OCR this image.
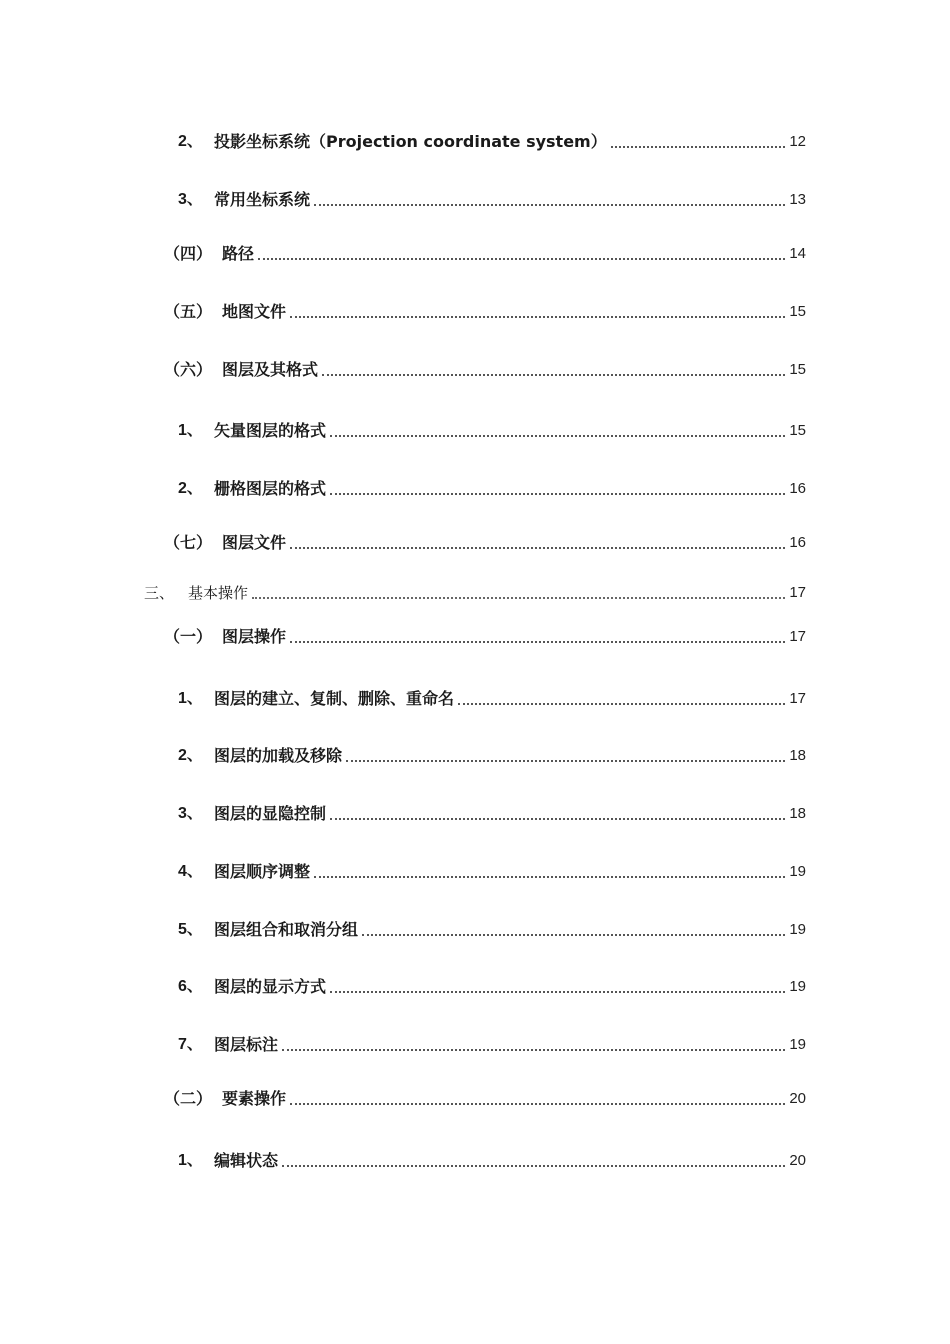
2、 投影坐标系统（Projection coordinate system）	12
3、 常用坐标系统	13
（四） 路径	14
（五） 地图文件	15
（六） 图层及其格式	15
1、 矢量图层的格式	15
2、 栅格图层的格式	16
（七） 图层文件	16
三、 基本操作	17
（一） 图层操作	17
1、 图层的建立、复制、删除、重命名	17
2、 图层的加载及移除	18
3、 图层的显隐控制	18
4、 图层顺序调整	19
5、 图层组合和取消分组	19
6、 图层的显示方式	19
7、 图层标注	19
（二） 要素操作	20
1、 编辑状态	20
